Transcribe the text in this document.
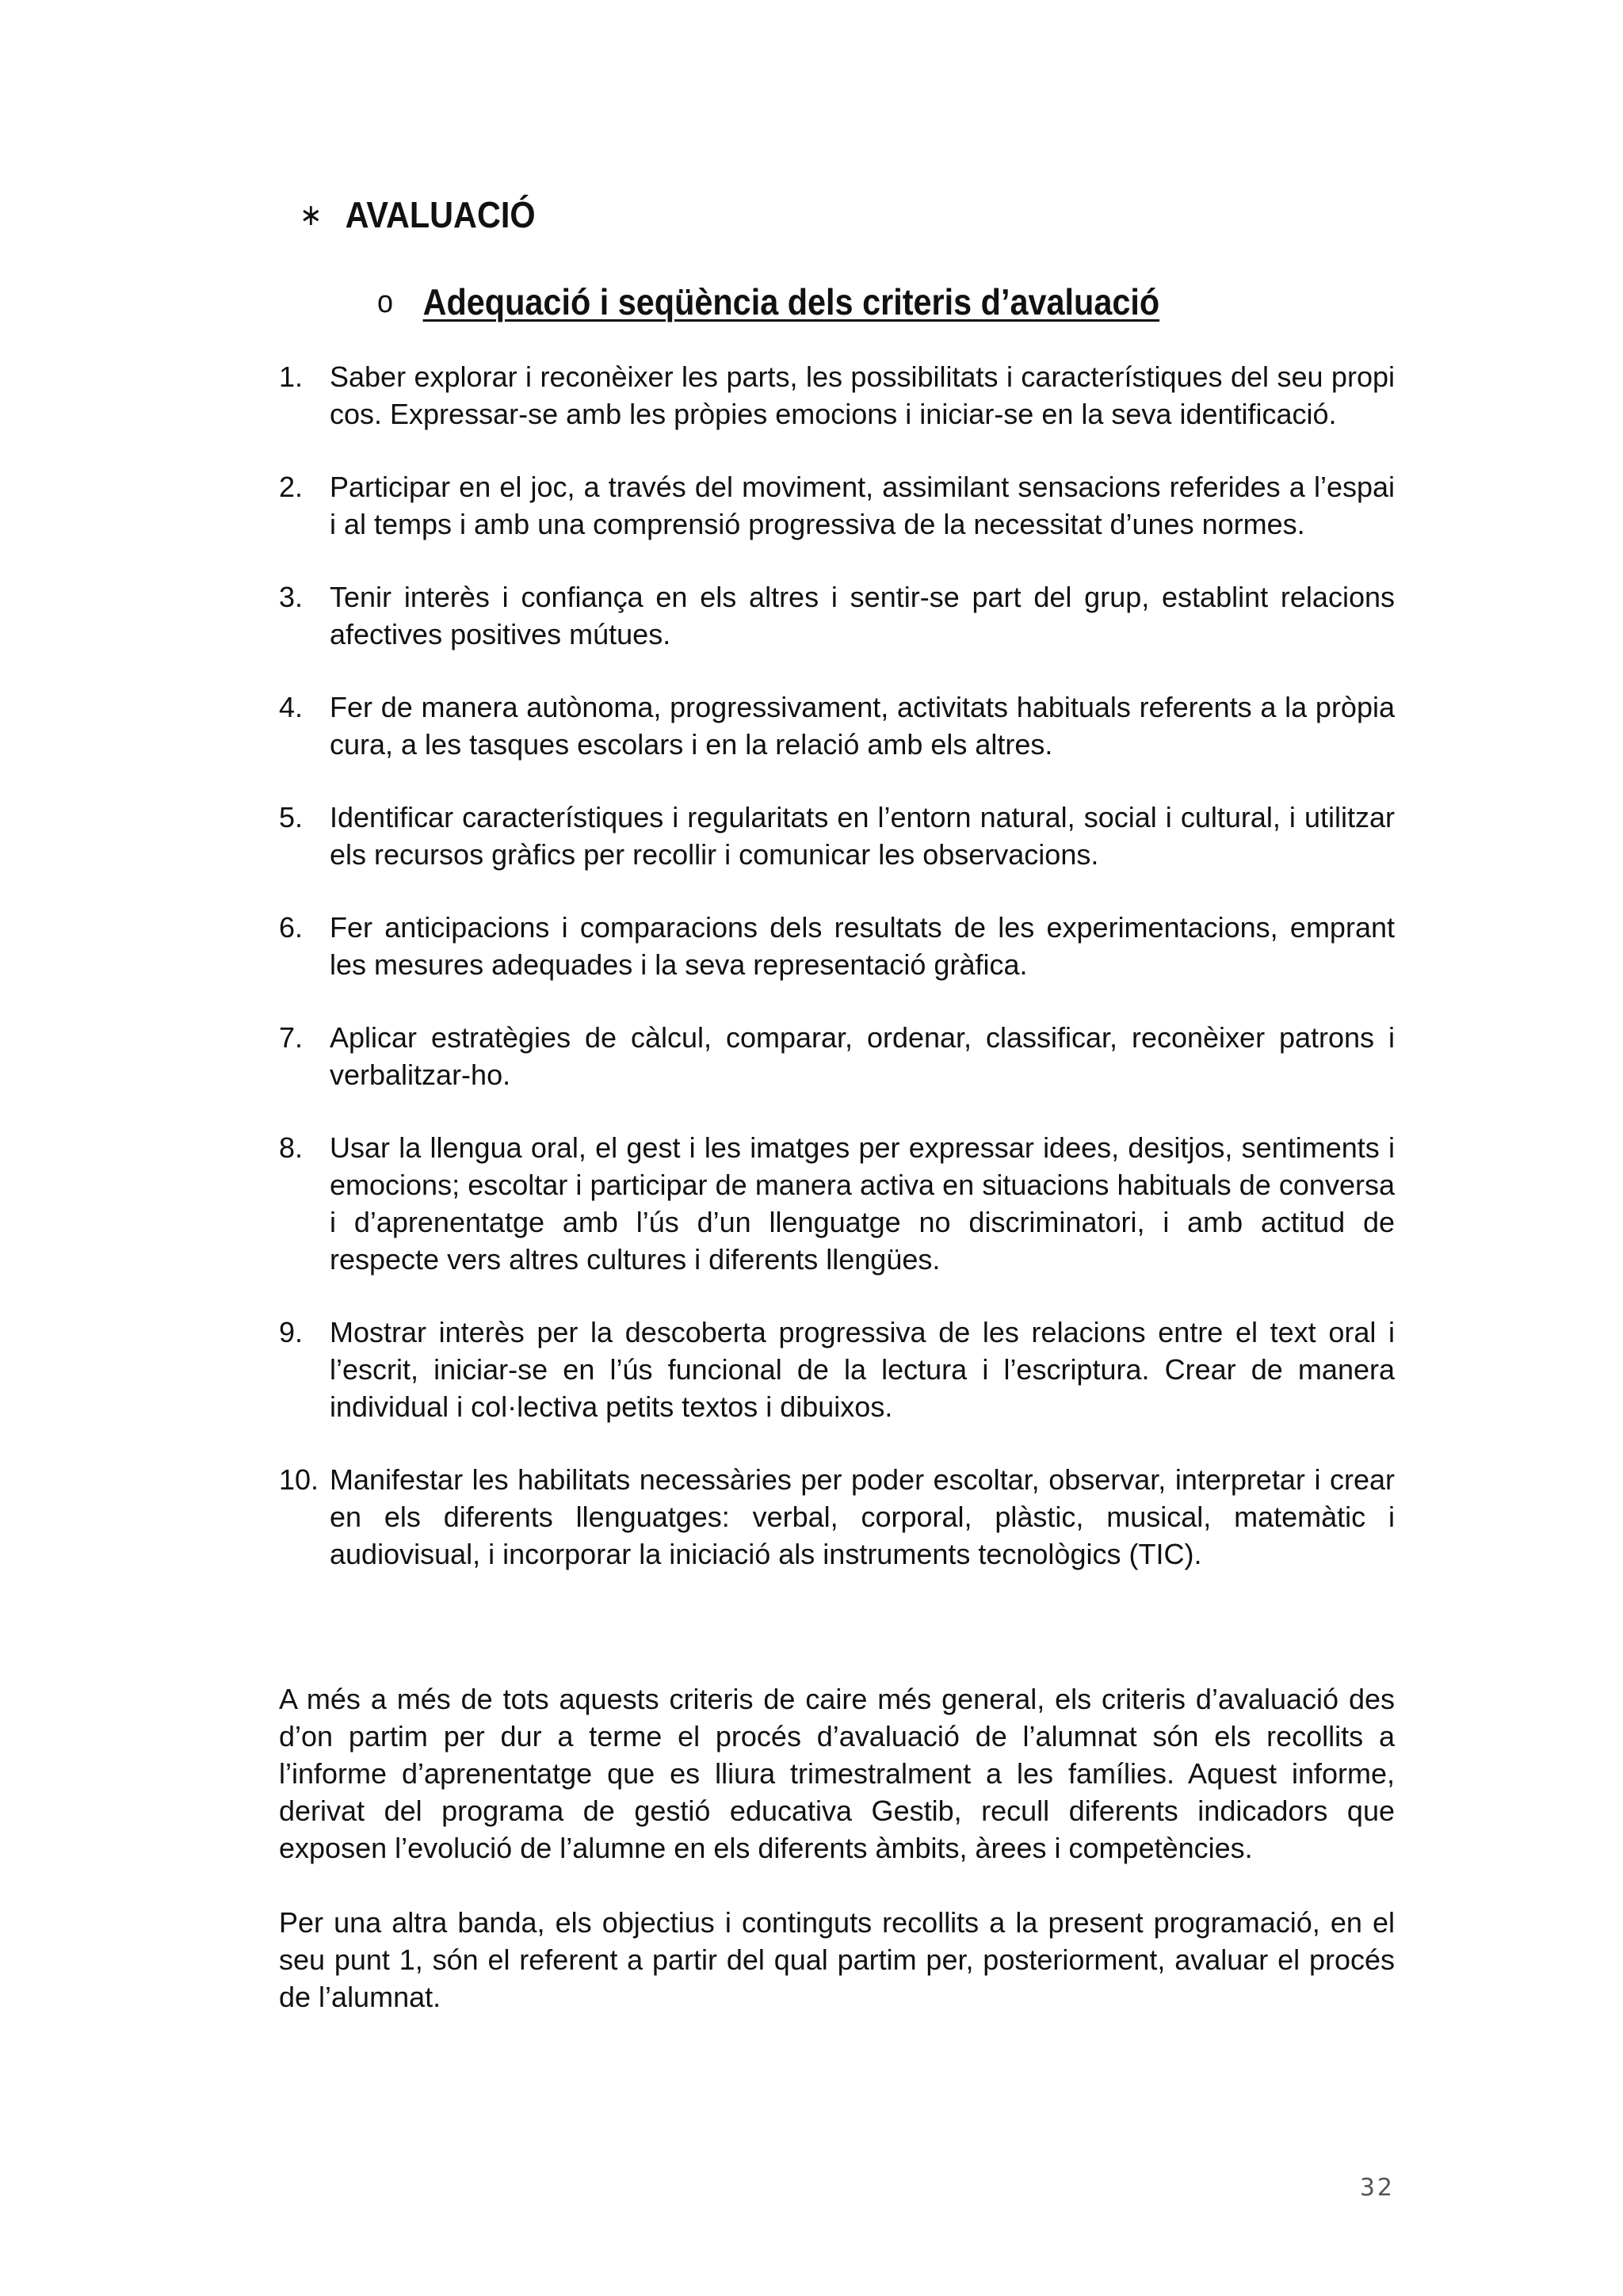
∗ AVALUACIÓ
o Adequació i seqüència dels criteris d’avaluació
1. Saber explorar i reconèixer les parts, les possibilitats i característiques del seu propi cos. Expressar-se amb les pròpies emocions i iniciar-se en la seva identificació.
2. Participar en el joc, a través del moviment, assimilant sensacions referides a l’espai i al temps i amb una comprensió progressiva de la necessitat d’unes normes.
3. Tenir interès i confiança en els altres i sentir-se part del grup, establint relacions afectives positives mútues.
4. Fer de manera autònoma, progressivament, activitats habituals referents a la pròpia cura, a les tasques escolars i en la relació amb els altres.
5. Identificar característiques i regularitats en l’entorn natural, social i cultural, i utilitzar els recursos gràfics per recollir i comunicar les observacions.
6. Fer anticipacions i comparacions dels resultats de les experimentacions, emprant les mesures adequades i la seva representació gràfica.
7. Aplicar estratègies de càlcul, comparar, ordenar, classificar, reconèixer patrons i verbalitzar-ho.
8. Usar la llengua oral, el gest i les imatges per expressar idees, desitjos, sentiments i emocions; escoltar i participar de manera activa en situacions habituals de conversa i d’aprenentatge amb l’ús d’un llenguatge no discriminatori, i amb actitud de respecte vers altres cultures i diferents llengües.
9. Mostrar interès per la descoberta progressiva de les relacions entre el text oral i l’escrit, iniciar-se en l’ús funcional de la lectura i l’escriptura. Crear de manera individual i col·lectiva petits textos i dibuixos.
10. Manifestar les habilitats necessàries per poder escoltar, observar, interpretar i crear en els diferents llenguatges: verbal, corporal, plàstic, musical, matemàtic i audiovisual, i incorporar la iniciació als instruments tecnològics (TIC).

A més a més de tots aquests criteris de caire més general, els criteris d’avaluació des d’on partim per dur a terme el procés d’avaluació de l’alumnat són els recollits a l’informe d’aprenentatge que es lliura trimestralment a les famílies. Aquest informe, derivat del programa de gestió educativa Gestib, recull diferents indicadors que exposen l’evolució de l’alumne en els diferents àmbits, àrees i competències.

Per una altra banda, els objectius i continguts recollits a la present programació, en el seu punt 1, són el referent a partir del qual partim per, posteriorment, avaluar el procés de l’alumnat.

32
